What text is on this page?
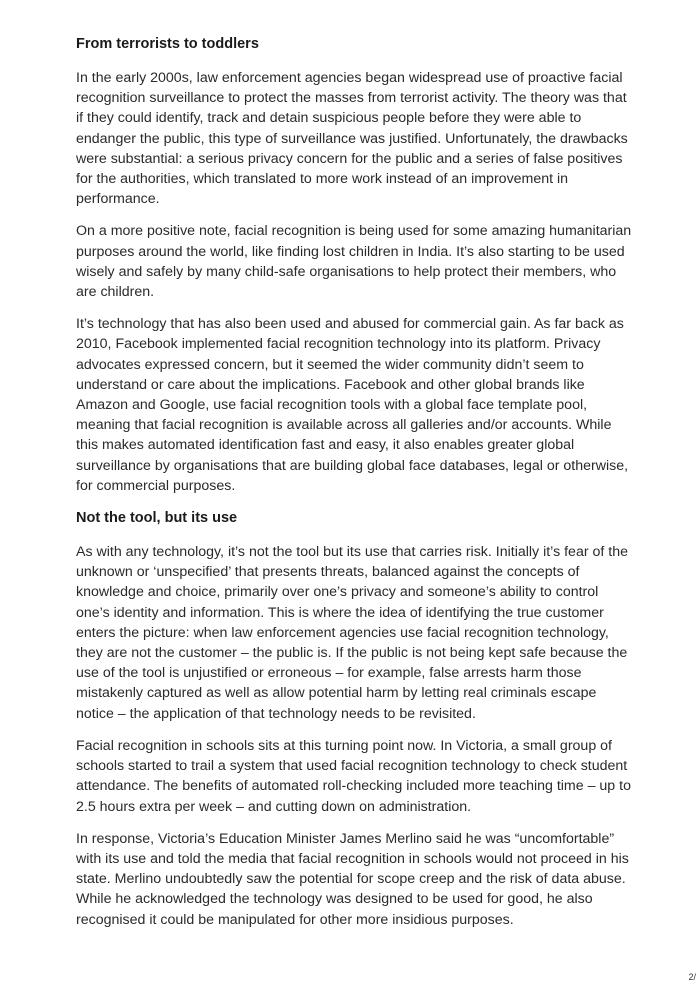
From terrorists to toddlers

In the early 2000s, law enforcement agencies began widespread use of proactive facial recognition surveillance to protect the masses from terrorist activity. The theory was that if they could identify, track and detain suspicious people before they were able to endanger the public, this type of surveillance was justified. Unfortunately, the drawbacks were substantial: a serious privacy concern for the public and a series of false positives for the authorities, which translated to more work instead of an improvement in performance.

On a more positive note, facial recognition is being used for some amazing humanitarian purposes around the world, like finding lost children in India. It’s also starting to be used wisely and safely by many child-safe organisations to help protect their members, who are children.

It’s technology that has also been used and abused for commercial gain. As far back as 2010, Facebook implemented facial recognition technology into its platform. Privacy advocates expressed concern, but it seemed the wider community didn’t seem to understand or care about the implications. Facebook and other global brands like Amazon and Google, use facial recognition tools with a global face template pool, meaning that facial recognition is available across all galleries and/or accounts. While this makes automated identification fast and easy, it also enables greater global surveillance by organisations that are building global face databases, legal or otherwise, for commercial purposes.

Not the tool, but its use

As with any technology, it’s not the tool but its use that carries risk. Initially it’s fear of the unknown or ‘unspecified’ that presents threats, balanced against the concepts of knowledge and choice, primarily over one’s privacy and someone’s ability to control one’s identity and information. This is where the idea of identifying the true customer enters the picture: when law enforcement agencies use facial recognition technology, they are not the customer – the public is. If the public is not being kept safe because the use of the tool is unjustified or erroneous – for example, false arrests harm those mistakenly captured as well as allow potential harm by letting real criminals escape notice – the application of that technology needs to be revisited.

Facial recognition in schools sits at this turning point now. In Victoria, a small group of schools started to trail a system that used facial recognition technology to check student attendance. The benefits of automated roll-checking included more teaching time – up to 2.5 hours extra per week – and cutting down on administration.

In response, Victoria’s Education Minister James Merlino said he was “uncomfortable” with its use and told the media that facial recognition in schools would not proceed in his state. Merlino undoubtedly saw the potential for scope creep and the risk of data abuse. While he acknowledged the technology was designed to be used for good, he also recognised it could be manipulated for other more insidious purposes.

2/
